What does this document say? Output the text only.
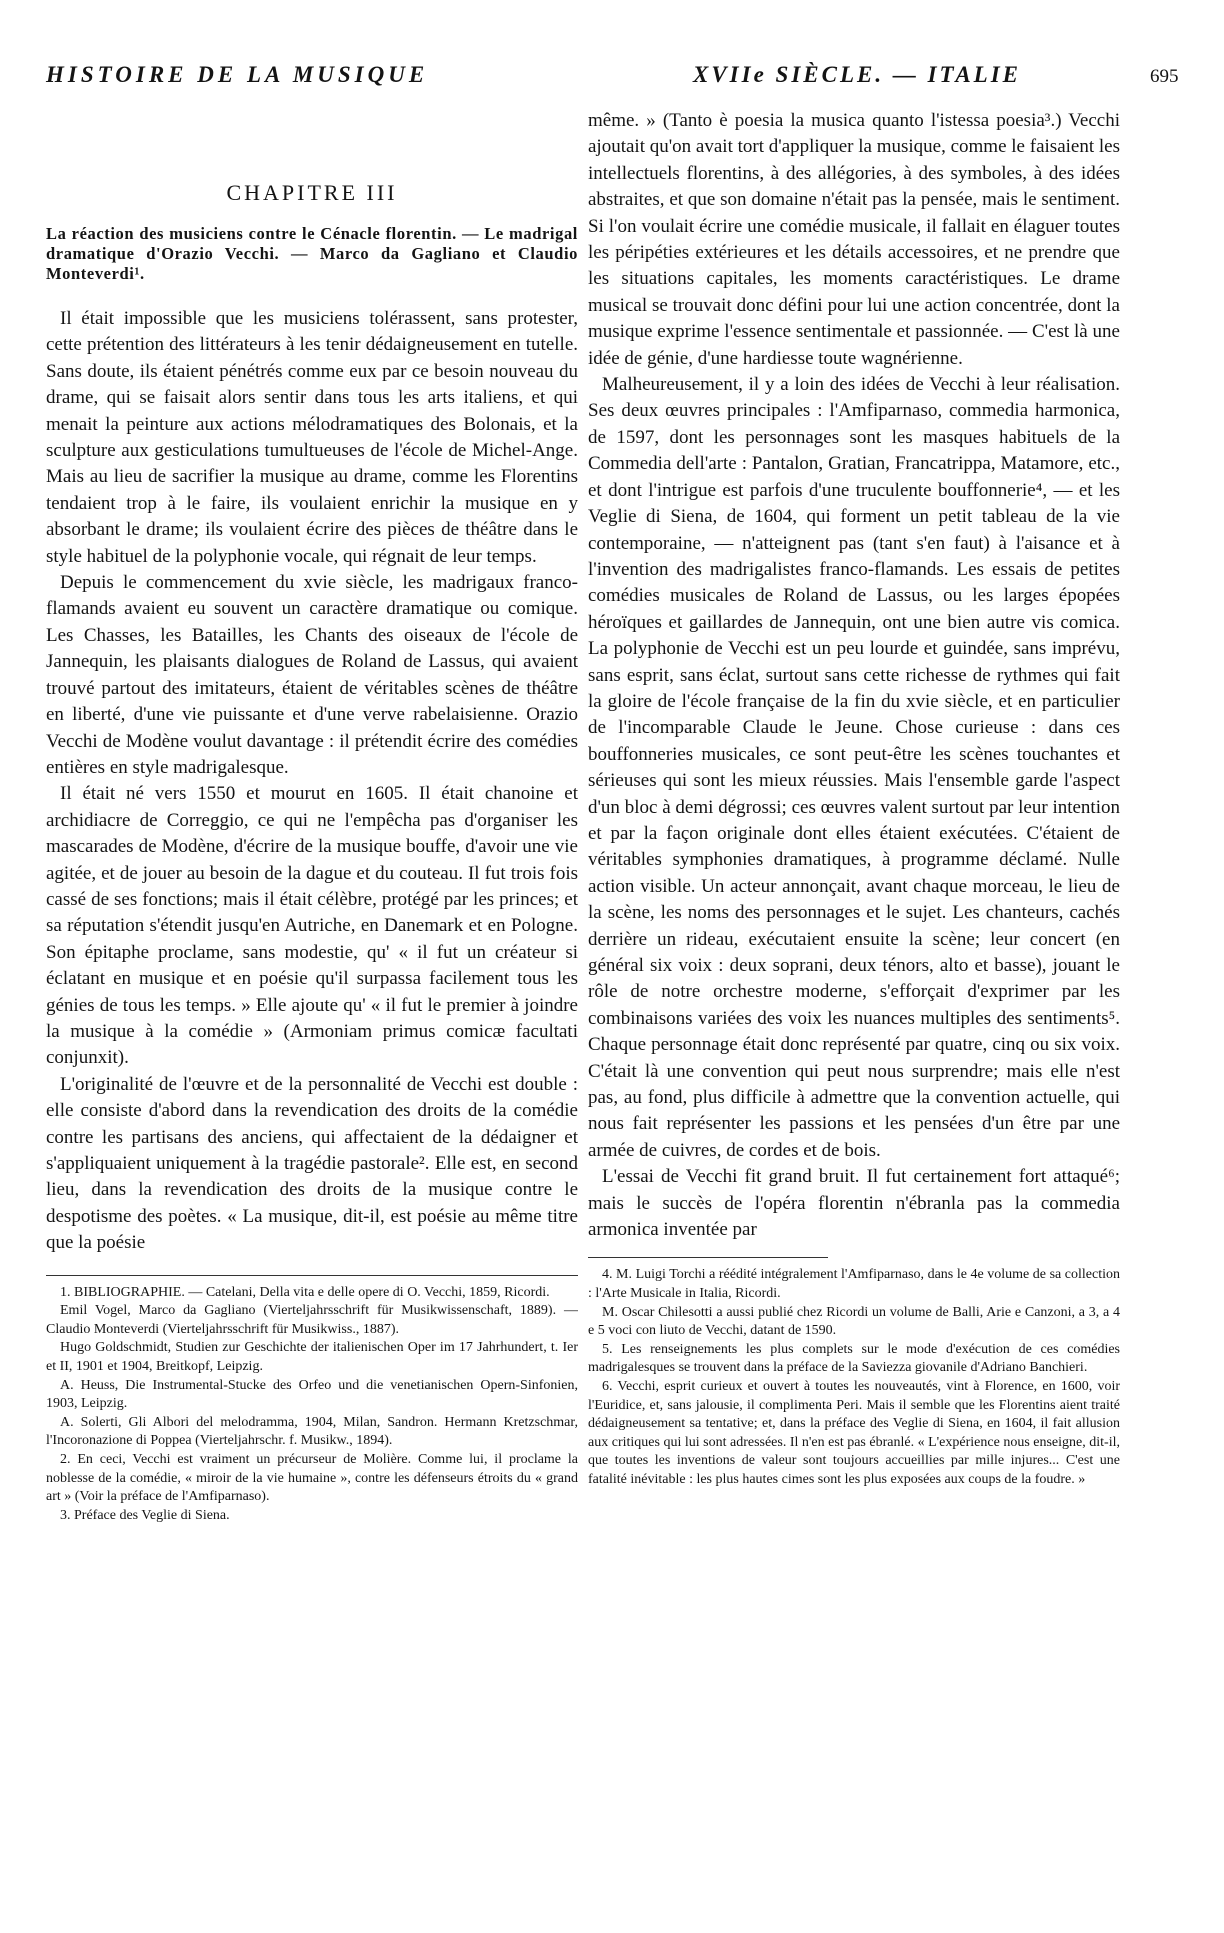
HISTOIRE DE LA MUSIQUE	XVIIe SIÈCLE. — ITALIE	695
CHAPITRE III
La réaction des musiciens contre le Cénacle florentin. — Le madrigal dramatique d'Orazio Vecchi. — Marco da Gagliano et Claudio Monteverdi¹.

Il était impossible que les musiciens tolérassent, sans protester, cette prétention des littérateurs à les tenir dédaigneusement en tutelle. Sans doute, ils étaient pénétrés comme eux par ce besoin nouveau du drame, qui se faisait alors sentir dans tous les arts italiens, et qui menait la peinture aux actions mélodramatiques des Bolonais, et la sculpture aux gesticulations tumultueuses de l'école de Michel-Ange. Mais au lieu de sacrifier la musique au drame, comme les Florentins tendaient trop à le faire, ils voulaient enrichir la musique en y absorbant le drame; ils voulaient écrire des pièces de théâtre dans le style habituel de la polyphonie vocale, qui régnait de leur temps.

Depuis le commencement du xvie siècle, les madrigaux franco-flamands avaient eu souvent un caractère dramatique ou comique. Les Chasses, les Batailles, les Chants des oiseaux de l'école de Jannequin, les plaisants dialogues de Roland de Lassus, qui avaient trouvé partout des imitateurs, étaient de véritables scènes de théâtre en liberté, d'une vie puissante et d'une verve rabelaisienne. Orazio Vecchi de Modène voulut davantage : il prétendit écrire des comédies entières en style madrigalesque.

Il était né vers 1550 et mourut en 1605. Il était chanoine et archidiacre de Correggio, ce qui ne l'empêcha pas d'organiser les mascarades de Modène, d'écrire de la musique bouffe, d'avoir une vie agitée, et de jouer au besoin de la dague et du couteau. Il fut trois fois cassé de ses fonctions; mais il était célèbre, protégé par les princes; et sa réputation s'étendit jusqu'en Autriche, en Danemark et en Pologne. Son épitaphe proclame, sans modestie, qu' « il fut un créateur si éclatant en musique et en poésie qu'il surpassa facilement tous les génies de tous les temps. » Elle ajoute qu' « il fut le premier à joindre la musique à la comédie » (Armoniam primus comicæ facultati conjunxit).

L'originalité de l'œuvre et de la personnalité de Vecchi est double : elle consiste d'abord dans la revendication des droits de la comédie contre les partisans des anciens, qui affectaient de la dédaigner et s'appliquaient uniquement à la tragédie pastorale². Elle est, en second lieu, dans la revendication des droits de la musique contre le despotisme des poètes. « La musique, dit-il, est poésie au même titre que la poésie

1. BIBLIOGRAPHIE. — Catelani, Della vita e delle opere di O. Vecchi, 1859, Ricordi.

Emil Vogel, Marco da Gagliano (Vierteljahrsschrift für Musikwissenschaft, 1889). — Claudio Monteverdi (Vierteljahrsschrift für Musikwiss., 1887).

Hugo Goldschmidt, Studien zur Geschichte der italienischen Oper im 17 Jahrhundert, t. Ier et II, 1901 et 1904, Breitkopf, Leipzig.

A. Heuss, Die Instrumental-Stucke des Orfeo und die venetianischen Opern-Sinfonien, 1903, Leipzig.

A. Solerti, Gli Albori del melodramma, 1904, Milan, Sandron. Hermann Kretzschmar, l'Incoronazione di Poppea (Vierteljahrschr. f. Musikw., 1894).

2. En ceci, Vecchi est vraiment un précurseur de Molière. Comme lui, il proclame la noblesse de la comédie, « miroir de la vie humaine », contre les défenseurs étroits du « grand art » (Voir la préface de l'Amfiparnaso).

3. Préface des Veglie di Siena.

même. » (Tanto è poesia la musica quanto l'istessa poesia³.) Vecchi ajoutait qu'on avait tort d'appliquer la musique, comme le faisaient les intellectuels florentins, à des allégories, à des symboles, à des idées abstraites, et que son domaine n'était pas la pensée, mais le sentiment. Si l'on voulait écrire une comédie musicale, il fallait en élaguer toutes les péripéties extérieures et les détails accessoires, et ne prendre que les situations capitales, les moments caractéristiques. Le drame musical se trouvait donc défini pour lui une action concentrée, dont la musique exprime l'essence sentimentale et passionnée. — C'est là une idée de génie, d'une hardiesse toute wagnérienne.

Malheureusement, il y a loin des idées de Vecchi à leur réalisation. Ses deux œuvres principales : l'Amfiparnaso, commedia harmonica, de 1597, dont les personnages sont les masques habituels de la Commedia dell'arte : Pantalon, Gratian, Francatrippa, Matamore, etc., et dont l'intrigue est parfois d'une truculente bouffonnerie⁴, — et les Veglie di Siena, de 1604, qui forment un petit tableau de la vie contemporaine, — n'atteignent pas (tant s'en faut) à l'aisance et à l'invention des madrigalistes franco-flamands. Les essais de petites comédies musicales de Roland de Lassus, ou les larges épopées héroïques et gaillardes de Jannequin, ont une bien autre vis comica. La polyphonie de Vecchi est un peu lourde et guindée, sans imprévu, sans esprit, sans éclat, surtout sans cette richesse de rythmes qui fait la gloire de l'école française de la fin du xvie siècle, et en particulier de l'incomparable Claude le Jeune. Chose curieuse : dans ces bouffonneries musicales, ce sont peut-être les scènes touchantes et sérieuses qui sont les mieux réussies. Mais l'ensemble garde l'aspect d'un bloc à demi dégrossi; ces œuvres valent surtout par leur intention et par la façon originale dont elles étaient exécutées. C'étaient de véritables symphonies dramatiques, à programme déclamé. Nulle action visible. Un acteur annonçait, avant chaque morceau, le lieu de la scène, les noms des personnages et le sujet. Les chanteurs, cachés derrière un rideau, exécutaient ensuite la scène; leur concert (en général six voix : deux soprani, deux ténors, alto et basse), jouant le rôle de notre orchestre moderne, s'efforçait d'exprimer par les combinaisons variées des voix les nuances multiples des sentiments⁵. Chaque personnage était donc représenté par quatre, cinq ou six voix. C'était là une convention qui peut nous surprendre; mais elle n'est pas, au fond, plus difficile à admettre que la convention actuelle, qui nous fait représenter les passions et les pensées d'un être par une armée de cuivres, de cordes et de bois.

L'essai de Vecchi fit grand bruit. Il fut certainement fort attaqué⁶; mais le succès de l'opéra florentin n'ébranla pas la commedia armonica inventée par

4. M. Luigi Torchi a réédité intégralement l'Amfiparnaso, dans le 4e volume de sa collection : l'Arte Musicale in Italia, Ricordi.

M. Oscar Chilesotti a aussi publié chez Ricordi un volume de Balli, Arie e Canzoni, a 3, a 4 e 5 voci con liuto de Vecchi, datant de 1590.

5. Les renseignements les plus complets sur le mode d'exécution de ces comédies madrigalesques se trouvent dans la préface de la Saviezza giovanile d'Adriano Banchieri.

6. Vecchi, esprit curieux et ouvert à toutes les nouveautés, vint à Florence, en 1600, voir l'Euridice, et, sans jalousie, il complimenta Peri. Mais il semble que les Florentins aient traité dédaigneusement sa tentative; et, dans la préface des Veglie di Siena, en 1604, il fait allusion aux critiques qui lui sont adressées. Il n'en est pas ébranlé. « L'expérience nous enseigne, dit-il, que toutes les inventions de valeur sont toujours accueillies par mille injures... C'est une fatalité inévitable : les plus hautes cimes sont les plus exposées aux coups de la foudre. »
